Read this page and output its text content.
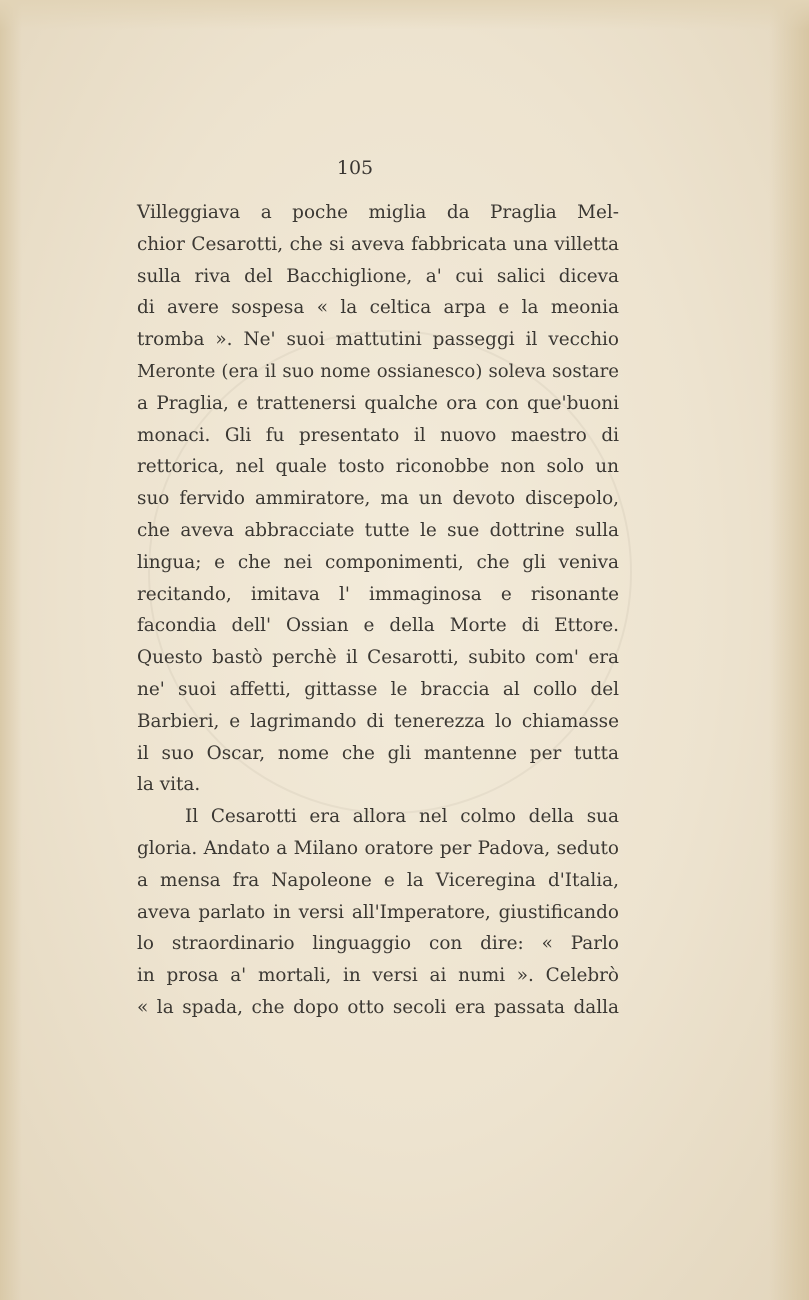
105
Villeggiava a poche miglia da Praglia Mel-
chior Cesarotti, che si aveva fabbricata una villetta
sulla riva del Bacchiglione, a' cui salici diceva
di avere sospesa « la celtica arpa e la meonia
tromba ». Ne' suoi mattutini passeggi il vecchio
Meronte (era il suo nome ossianesco) soleva sostare
a Praglia, e trattenersi qualche ora con que'buoni
monaci. Gli fu presentato il nuovo maestro di
rettorica, nel quale tosto riconobbe non solo un
suo fervido ammiratore, ma un devoto discepolo,
che aveva abbracciate tutte le sue dottrine sulla
lingua; e che nei componimenti, che gli veniva
recitando, imitava l' immaginosa e risonante
facondia dell' Ossian e della Morte di Ettore.
Questo bastò perchè il Cesarotti, subito com' era
ne' suoi affetti, gittasse le braccia al collo del
Barbieri, e lagrimando di tenerezza lo chiamasse
il suo Oscar, nome che gli mantenne per tutta
la vita.
Il Cesarotti era allora nel colmo della sua
gloria. Andato a Milano oratore per Padova, seduto
a mensa fra Napoleone e la Viceregina d'Italia,
aveva parlato in versi all'Imperatore, giustificando
lo straordinario linguaggio con dire: « Parlo
in prosa a' mortali, in versi ai numi ». Celebrò
« la spada, che dopo otto secoli era passata dalla
